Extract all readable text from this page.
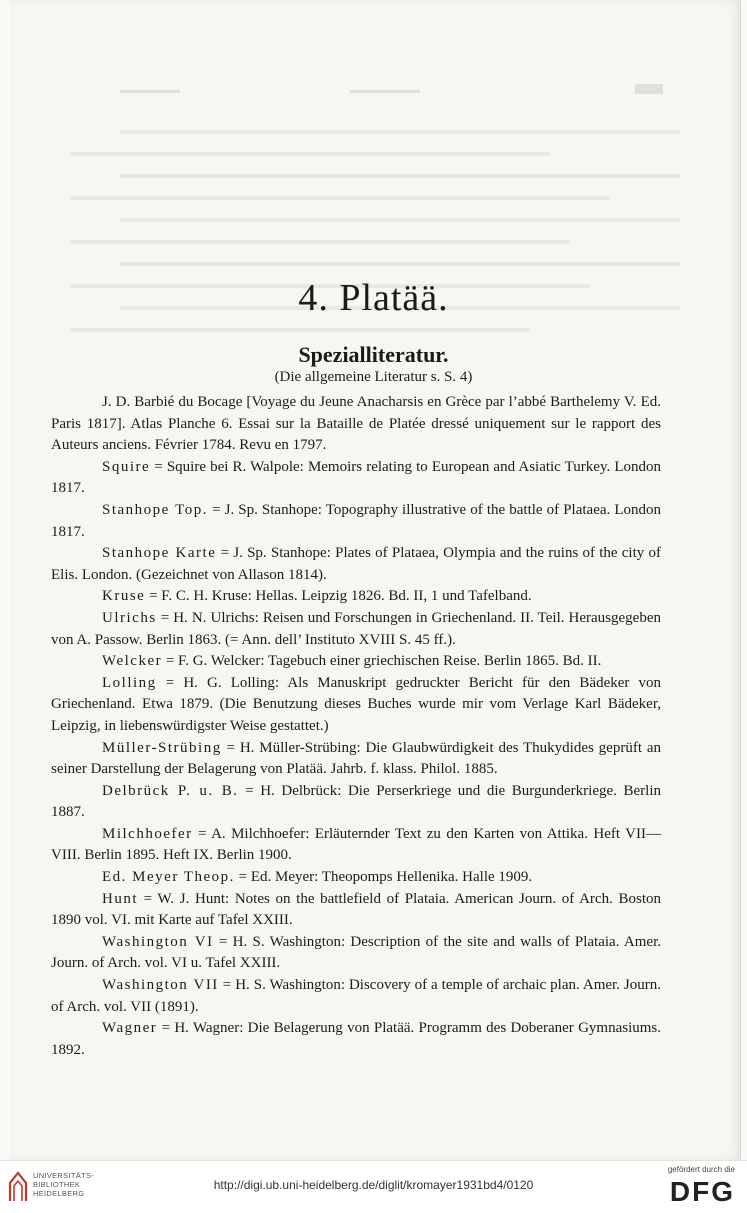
4. Platää.
Spezialliteratur.
(Die allgemeine Literatur s. S. 4)

J. D. Barbié du Bocage [Voyage du Jeune Anacharsis en Grèce par l’abbé Barthelemy V. Ed. Paris 1817]. Atlas Planche 6. Essai sur la Bataille de Platée dressé uniquement sur le rapport des Auteurs anciens. Février 1784. Revu en 1797.

Squire = Squire bei R. Walpole: Memoirs relating to European and Asiatic Turkey. London 1817.

Stanhope Top. = J. Sp. Stanhope: Topography illustrative of the battle of Plataea. London 1817.

Stanhope Karte = J. Sp. Stanhope: Plates of Plataea, Olympia and the ruins of the city of Elis. London. (Gezeichnet von Allason 1814).

Kruse = F. C. H. Kruse: Hellas. Leipzig 1826. Bd. II, 1 und Tafelband.

Ulrichs = H. N. Ulrichs: Reisen und Forschungen in Griechenland. II. Teil. Herausgegeben von A. Passow. Berlin 1863. (= Ann. dell’ Instituto XVIII S. 45 ff.).

Welcker = F. G. Welcker: Tagebuch einer griechischen Reise. Berlin 1865. Bd. II.

Lolling = H. G. Lolling: Als Manuskript gedruckter Bericht für den Bädeker von Griechenland. Etwa 1879. (Die Benutzung dieses Buches wurde mir vom Verlage Karl Bädeker, Leipzig, in liebenswürdigster Weise gestattet.)

Müller-Strübing = H. Müller-Strübing: Die Glaubwürdigkeit des Thukydides geprüft an seiner Darstellung der Belagerung von Platää. Jahrb. f. klass. Philol. 1885.

Delbrück P. u. B. = H. Delbrück: Die Perserkriege und die Burgunderkriege. Berlin 1887.

Milchhoefer = A. Milchhoefer: Erläuternder Text zu den Karten von Attika. Heft VII—VIII. Berlin 1895. Heft IX. Berlin 1900.

Ed. Meyer Theop. = Ed. Meyer: Theopomps Hellenika. Halle 1909.

Hunt = W. J. Hunt: Notes on the battlefield of Plataia. American Journ. of Arch. Boston 1890 vol. VI. mit Karte auf Tafel XXIII.

Washington VI = H. S. Washington: Description of the site and walls of Plataia. Amer. Journ. of Arch. vol. VI u. Tafel XXIII.

Washington VII = H. S. Washington: Discovery of a temple of archaic plan. Amer. Journ. of Arch. vol. VII (1891).

Wagner = H. Wagner: Die Belagerung von Platää. Programm des Doberaner Gymnasiums. 1892.

UNIVERSITÄTS-
BIBLIOTHEK
HEIDELBERG
http://digi.ub.uni-heidelberg.de/diglit/kromayer1931bd4/0120
gefördert durch die
DFG
